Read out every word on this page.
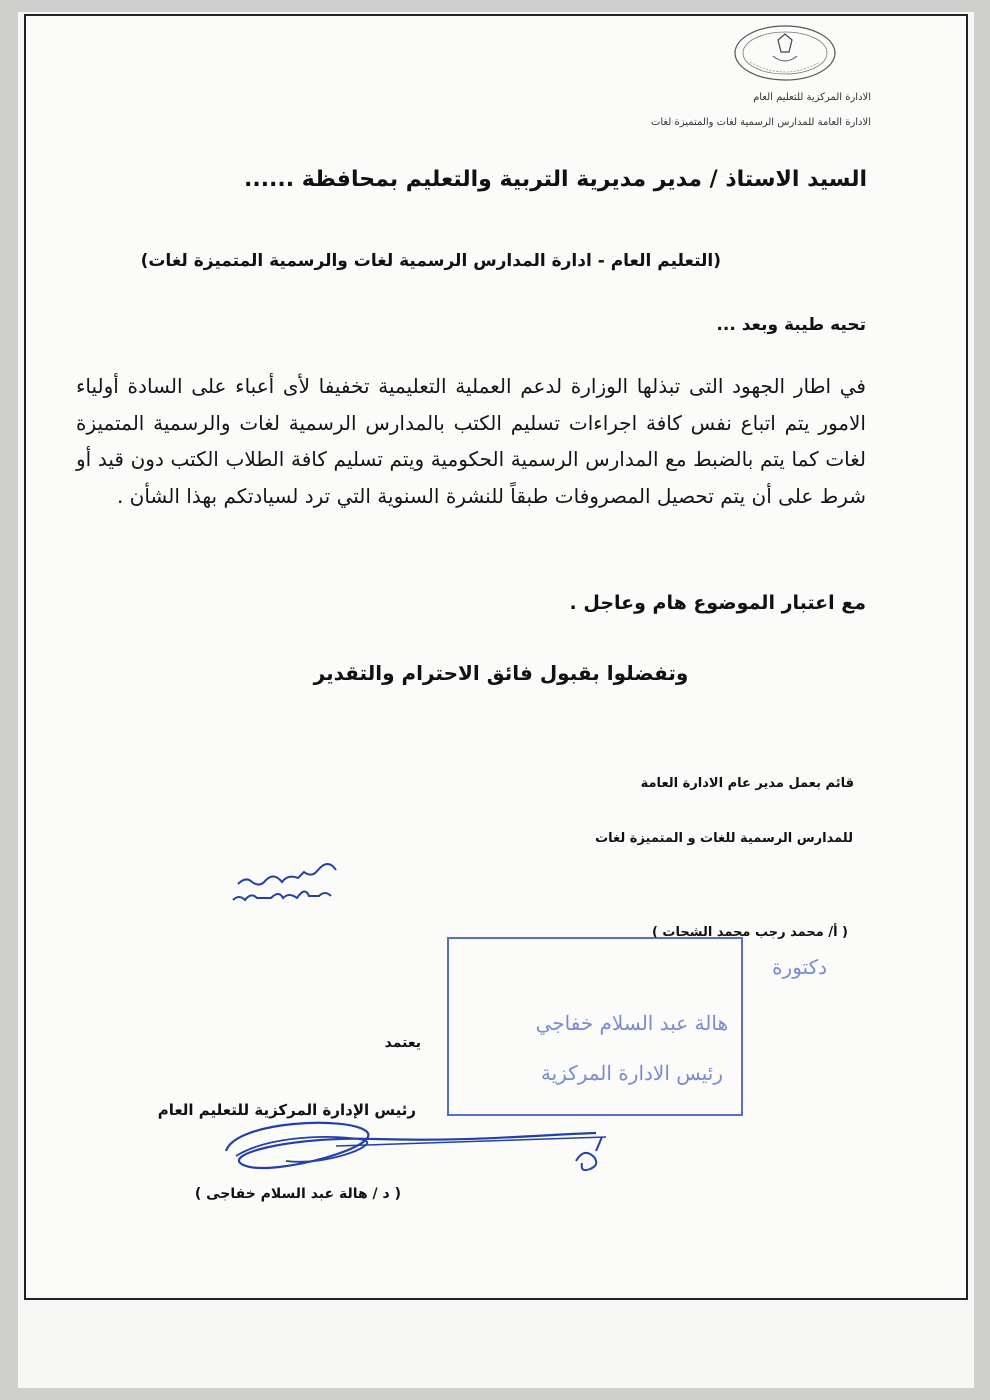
الادارة المركزية للتعليم العام
الادارة العامة للمدارس الرسمية لغات والمتميزة لغات
السيد الاستاذ / مدير مديرية التربية والتعليم بمحافظة ......
(التعليم العام - ادارة المدارس الرسمية لغات والرسمية المتميزة لغات)
تحيه طيبة وبعد ...
في اطار الجهود التى تبذلها الوزارة لدعم العملية التعليمية تخفيفا لأى أعباء على السادة أولياء الامور يتم اتباع نفس كافة اجراءات تسليم الكتب بالمدارس الرسمية لغات والرسمية المتميزة لغات كما يتم بالضبط مع المدارس الرسمية الحكومية ويتم تسليم كافة الطلاب الكتب دون قيد أو شرط على أن يتم تحصيل المصروفات طبقاً للنشرة السنوية التي ترد لسيادتكم بهذا الشأن .
مع اعتبار الموضوع هام وعاجل .
وتفضلوا بقبول فائق الاحترام والتقدير
قائم بعمل مدير عام الادارة العامة
للمدارس الرسمية للغات و المتميزة لغات
( أ/ محمد رجب محمد الشحات )
دكتورة
هالة عبد السلام خفاجي
رئيس الادارة المركزية
يعتمد
رئيس الإدارة المركزية للتعليم العام
( د / هالة عبد السلام خفاجى )
